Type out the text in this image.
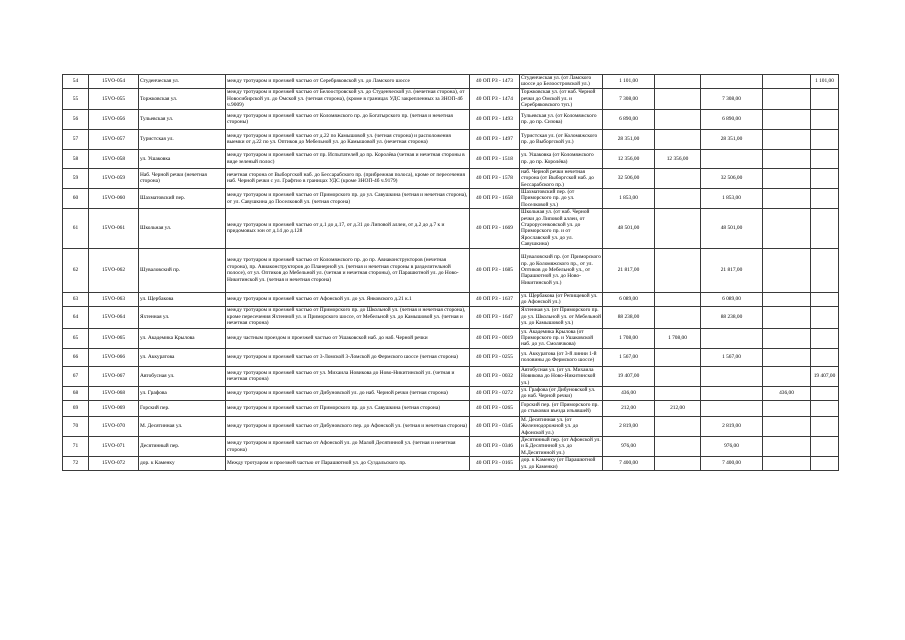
54	15VO-054	Студенческая ул.	между тротуаром и проезжей частью от Серебряковской ул. до Ламского шоссе	40 ОП РЗ - 1473	Студенческая ул. (от Ламского шоссе до Белоостровской ул.)	1 101,00				1 101,00
55	15VO-055	Торжковская ул.	между тротуаром и проезжей частью от Белоостровской ул. до Студенческой ул. (нечетная сторона), от Новосибирской ул. до Омской ул. (четная сторона), (кроме в границах УДС закрепленных за ЗНОП-4б ч.9009)	40 ОП РЗ - 1474	Торжковская ул. (от наб. Черной речки до Омской ул. и Серебряковского туп.)	7 308,00		7 308,00		
56	15VO-056	Тульевская ул.	между тротуаром и проезжей частью от Коломяжского пр. до Богатырского пр. (четная и нечетная стороны)	40 ОП РЗ - 1493	Тульевская ул. (от Коломяжского пр. до пр. Сизова)	6 890,00		6 890,00		
57	15VO-057	Туристская ул.	между тротуаром и проезжей частью от д.22 по Камышовой ул. (четная сторона) и расположения выемки от д.22 по ул. Оптиков до Мебельной ул. до Камышовой ул. (нечетная сторона)	40 ОП РЗ - 1497	Туристская ул. (от Коломяжского пр. до Выборгской ул.)	28 351,00		28 351,00		
58	15VO-058	ул. Ушаковка	между тротуаром и проезжей частью от пр. Испытателей до пр. Королёва (четная и нечетная стороны в виде зеленый полос)	40 ОП РЗ - 1518	ул. Ушаковка (от Коломяжского пр. до пр. Королёва)	12 356,00	12 356,00			
59	15VO-059	Наб. Черной речки (нечетная сторона)	нечетная сторона от Выборгской наб. до Бессарабского пр. (прибрежная полоса), кроме от пересечения наб. Черной речки с ул. Графтио в границах УДС (кроме ЗНОП-4б ч.9179)	40 ОП РЗ - 1578	наб. Черной речки нечетная сторона (от Выборгской наб. до Бессарабского пр.)	32 506,00		32 506,00		
60	15VO-060	Шахматовский пер.	между тротуаром и проезжей частью от Приморского пр. до ул. Савушкина (четная и нечетная сторона), от ул. Савушкина до Поселковой ул. (четная сторона)	40 ОП РЗ - 1658	Шахматовский пер. (от Приморского пр. до ул. Поселковой ул.)	1 853,00		1 853,00		
61	15VO-061	Школьная ул.	между тротуаром и проезжей частью от д.1 до д.17, от д.31 до Липовой аллеи, от д.2 до д.7 к и придомовых зон от д.14 до д.128	40 ОП РЗ - 1669	Школьная ул. (от наб. Черной речки до Липовой аллеи, от Старорусенковской ул. до Приморского пр. и от Ярославской ул. до ул. Савушкина)	48 501,00		48 501,00		
62	15VO-062	Шуваловский пр.	между тротуаром и проезжей частью от Коломяжского пр. до пр. Авиаконструкторов (нечетная сторона), пр. Авиаконструкторов до Планерной ул. (четная и нечетная стороны в разделительной полосе), от ул. Оптиков до Мебельной ул. (четная и нечетная стороны), от Парашютной ул. до Ново-Никитинской ул. (четная и нечетная сторона)	40 ОП РЗ - 1685	Шуваловский пр. (от Приморского пр. до Коломяжского пр., от ул. Оптиков до Мебельной ул., от Парашютной ул. до Ново-Никитинской ул.)	21 817,00		21 817,00		
63	15VO-063	ул. Щербакова	между тротуаром и проезжей частью от Афонской ул. до ул. Янковского д.21 к.1	40 ОП РЗ - 1637	ул. Щербакова (от Репищевой ул. до Афонской ул.)	6 089,00		6 089,00		
64	15VO-064	Яхтенная ул.	между тротуаром и проезжей частью от Приморского пр. до Школьной ул. (четная и нечетная сторона), кроме пересечения Яхтенной ул. и Приморского шоссе, от Мебельной ул. до Камышовой ул. (четная и нечетная сторона)	40 ОП РЗ - 1647	Яхтенная ул. (от Приморского пр. до ул. Школьной ул. от Мебельной ул. до Камышовой ул.)	88 238,00		88 238,00		
65	15VO-065	ул. Академика Крылова	между частным проездом и проезжей частью от Ушаковской наб. до наб. Черной речки	40 ОП РЗ - 0019	ул. Академика Крылова (от Приморского пр. и Ушаковской наб. до ул. Смолячкова)	1 708,00	1 708,00			
66	15VO-066	ул. Аккуратова	между тротуаром и проезжей частью от 3-Ломской 3-Ломской до Фермского шоссе (четная сторона)	40 ОП РЗ - 0255	ул. Аккуратова (от 3-й линии 1-й половины до Фермского шоссе)	1 567,00		1 567,00		
67	15VO-067	Автобусная ул.	между тротуаром и проезжей частью от ул. Михаила Новикова до Ново-Никитинской ул. (четная и нечетная сторона)	40 ОП РЗ - 0032	Автобусная ул. (от ул. Михаила Новикова до Ново-Никитинской ул.)	19 407,00				19 407,00
68	15VO-068	ул. Графова	между тротуаром и проезжей частью от Дибуновской ул. до наб. Черной речки (четная сторона)	40 ОП РЗ - 0272	ул. Графова (от Дибуновской ул. до наб. Черной речки)	436,00			436,00	
69	15VO-069	Горский пер.	между тротуаром и проезжей частью от Приморского пр. до ул. Савушкина (четная сторона)	40 ОП РЗ - 0265	Горский пер. (от Приморского пр. до стыковки въезда изъявшей)	212,00	212,00			
70	15VO-070	М. Десятинная ул.	между тротуаром и проезжей частью от Дибуновского пер. до Афонской ул. (четная и нечетная сторона)	40 ОП РЗ - 0345	М. Десятинная ул. (от Железнодорожной ул. до Афонской ул.)	2 819,00		2 819,00		
71	15VO-071	Десятинный пер.	между тротуаром и проезжей частью от Афонской ул. до Малой Десятинной ул. (четная и нечетная сторона)	40 ОП РЗ - 0346	Десятинный пер. (от Афонской ул. и Б.Десятинной ул. до М.Десятинной ул.)	976,00		976,00		
72	15VO-072	дор. к Каменку	Между тротуаром и проезжей частью от Парашютной ул. до Суздальского пр.	40 ОП РЗ - 0165	дор. к Каменку (от Парашютной ул. до Каменки)	7 400,00		7 400,00		
